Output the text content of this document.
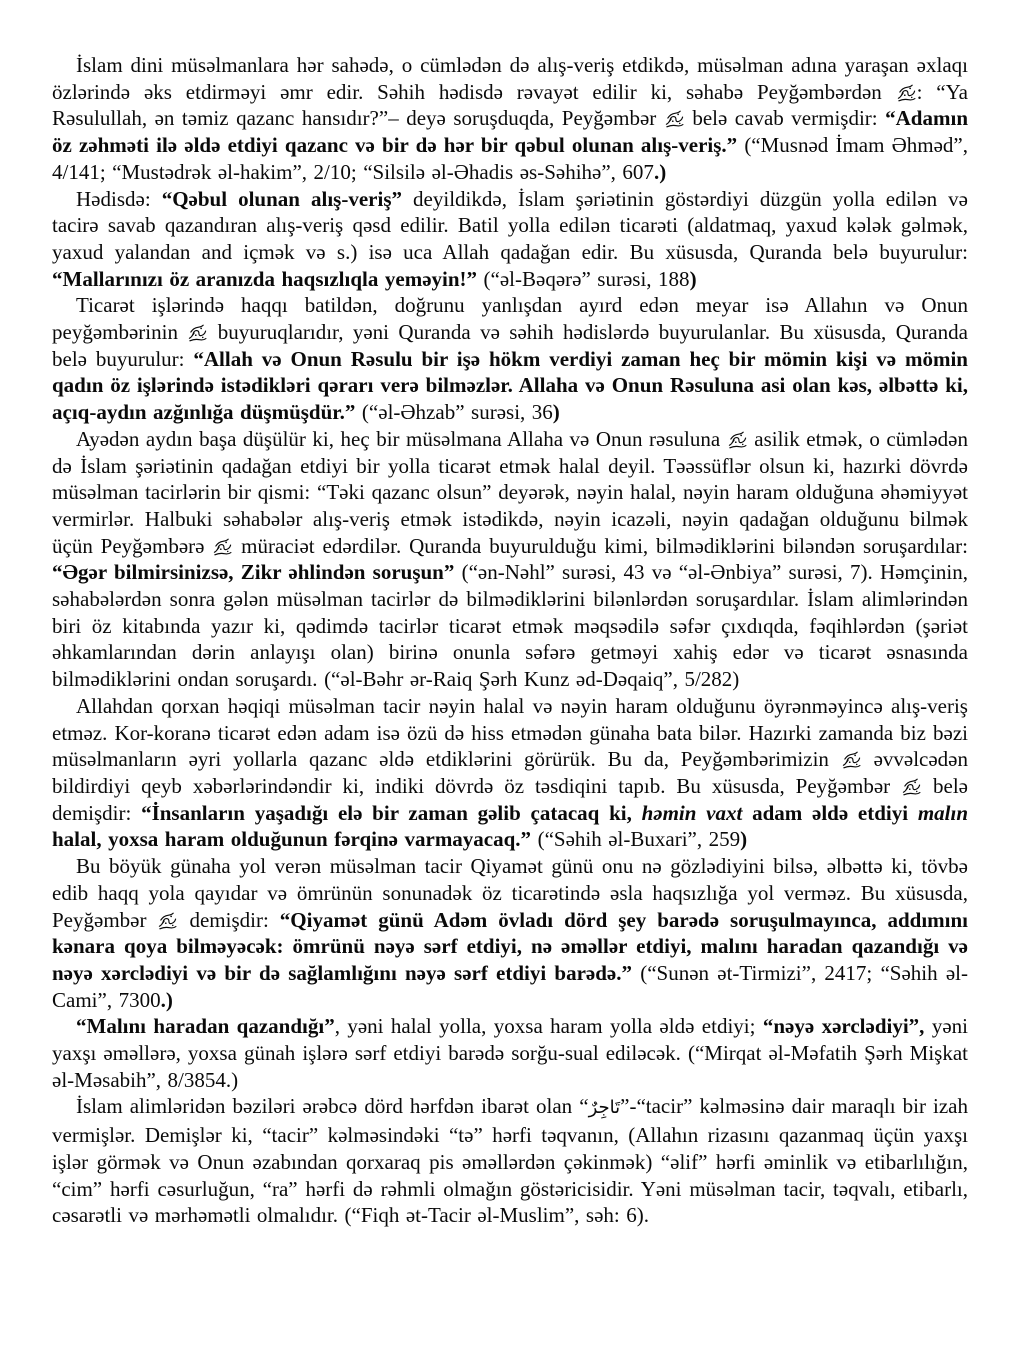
İslam dini müsəlmanlara hər sahədə, o cümlədən də alış-veriş etdikdə, müsəlman adına yaraşan əxlaqı özlərində əks etdirməyi əmr edir. Səhih hədisdə rəvayət edilir ki, səhabə Peyğəmbərdən
: “Ya Rəsulullah, ən təmiz qazanc hansıdır?”– deyə soruşduqda, Peyğəmbər
belə cavab vermişdir: “Adamın öz zəhməti ilə əldə etdiyi qazanc və bir də hər bir qəbul olunan alış-veriş.” (“Musnəd İmam Əhməd”, 4/141; “Mustədrək əl-hakim”, 2/10; “Silsilə əl-Əhadis əs-Səhihə”, 607.)

Hədisdə: “Qəbul olunan alış-veriş” deyildikdə, İslam şəriətinin göstərdiyi düzgün yolla edilən və tacirə savab qazandıran alış-veriş qəsd edilir. Batil yolla edilən ticarəti (aldatmaq, yaxud kələk gəlmək, yaxud yalandan and içmək və s.) isə uca Allah qadağan edir. Bu xüsusda, Quranda belə buyurulur: “Mallarınızı öz aranızda haqsızlıqla yeməyin!” (“əl-Bəqərə” surəsi, 188)

Ticarət işlərində haqqı batildən, doğrunu yanlışdan ayırd edən meyar isə Allahın və Onun peyğəmbərinin
buyuruqlarıdır, yəni Quranda və səhih hədislərdə buyurulanlar. Bu xüsusda, Quranda belə buyurulur: “Allah və Onun Rəsulu bir işə hökm verdiyi zaman heç bir mömin kişi və mömin qadın öz işlərində istədikləri qərarı verə bilməzlər. Allaha və Onun Rəsuluna asi olan kəs, əlbəttə ki, açıq-aydın azğınlığa düşmüşdür.” (“əl-Əhzab” surəsi, 36)

Ayədən aydın başa düşülür ki, heç bir müsəlmana Allaha və Onun rəsuluna
asilik etmək, o cümlədən də İslam şəriətinin qadağan etdiyi bir yolla ticarət etmək halal deyil. Təəssüflər olsun ki, hazırki dövrdə müsəlman tacirlərin bir qismi: “Təki qazanc olsun” deyərək, nəyin halal, nəyin haram olduğuna əhəmiyyət vermirlər. Halbuki səhabələr alış-veriş etmək istədikdə, nəyin icazəli, nəyin qadağan olduğunu bilmək üçün Peyğəmbərə
müraciət edərdilər. Quranda buyurulduğu kimi, bilmədiklərini biləndən soruşardılar: “Əgər bilmirsinizsə, Zikr əhlindən soruşun” (“ən-Nəhl” surəsi, 43 və “əl-Ənbiya” surəsi, 7). Həmçinin, səhabələrdən sonra gələn müsəlman tacirlər də bilmədiklərini bilənlərdən soruşardılar. İslam alimlərindən biri öz kitabında yazır ki, qədimdə tacirlər ticarət etmək məqsədilə səfər çıxdıqda, fəqihlərdən (şəriət əhkamlarından dərin anlayışı olan) birinə onunla səfərə getməyi xahiş edər və ticarət əsnasında bilmədiklərini ondan soruşardı. (“əl-Bəhr ər-Raiq Şərh Kunz əd-Dəqaiq”, 5/282)

Allahdan qorxan həqiqi müsəlman tacir nəyin halal və nəyin haram olduğunu öyrənməyincə alış-veriş etməz. Kor-koranə ticarət edən adam isə özü də hiss etmədən günaha bata bilər. Hazırki zamanda biz bəzi müsəlmanların əyri yollarla qazanc əldə etdiklərini görürük. Bu da, Peyğəmbərimizin
əvvəlcədən bildirdiyi qeyb xəbərlərindəndir ki, indiki dövrdə öz təsdiqini tapıb. Bu xüsusda, Peyğəmbər
belə demişdir: “İnsanların yaşadığı elə bir zaman gəlib çatacaq ki, həmin vaxt adam əldə etdiyi malın halal, yoxsa haram olduğunun fərqinə varmayacaq.” (“Səhih əl-Buxari”, 259)

Bu böyük günaha yol verən müsəlman tacir Qiyamət günü onu nə gözlədiyini bilsə, əlbəttə ki, tövbə edib haqq yola qayıdar və ömrünün sonunadək öz ticarətində əsla haqsızlığa yol verməz. Bu xüsusda, Peyğəmbər
demişdir: “Qiyamət günü Adəm övladı dörd şey barədə soruşulmayınca, addımını kənara qoya bilməyəcək: ömrünü nəyə sərf etdiyi, nə əməllər etdiyi, malını haradan qazandığı və nəyə xərclədiyi və bir də sağlamlığını nəyə sərf etdiyi barədə.” (“Sunən ət-Tirmizi”, 2417; “Səhih əl-Cami”, 7300.)

“Malını haradan qazandığı”, yəni halal yolla, yoxsa haram yolla əldə etdiyi; “nəyə xərclədiyi”, yəni yaxşı əməllərə, yoxsa günah işlərə sərf etdiyi barədə sorğu-sual ediləcək. (“Mirqat əl-Məfatih Şərh Mişkat əl-Məsabih”, 8/3854.)

İslam alimləridən bəziləri ərəbcə dörd hərfdən ibarət olan “تَاجِرٌ”-“tacir” kəlməsinə dair maraqlı bir izah vermişlər. Demişlər ki, “tacir” kəlməsindəki “tə” hərfi təqvanın, (Allahın rizasını qazanmaq üçün yaxşı işlər görmək və Onun əzabından qorxaraq pis əməllərdən çəkinmək) “əlif” hərfi əminlik və etibarlılığın, “cim” hərfi cəsurluğun, “ra” hərfi də rəhmli olmağın göstəricisidir. Yəni müsəlman tacir, təqvalı, etibarlı, cəsarətli və mərhəmətli olmalıdır. (“Fiqh ət-Tacir əl-Muslim”, səh: 6).
